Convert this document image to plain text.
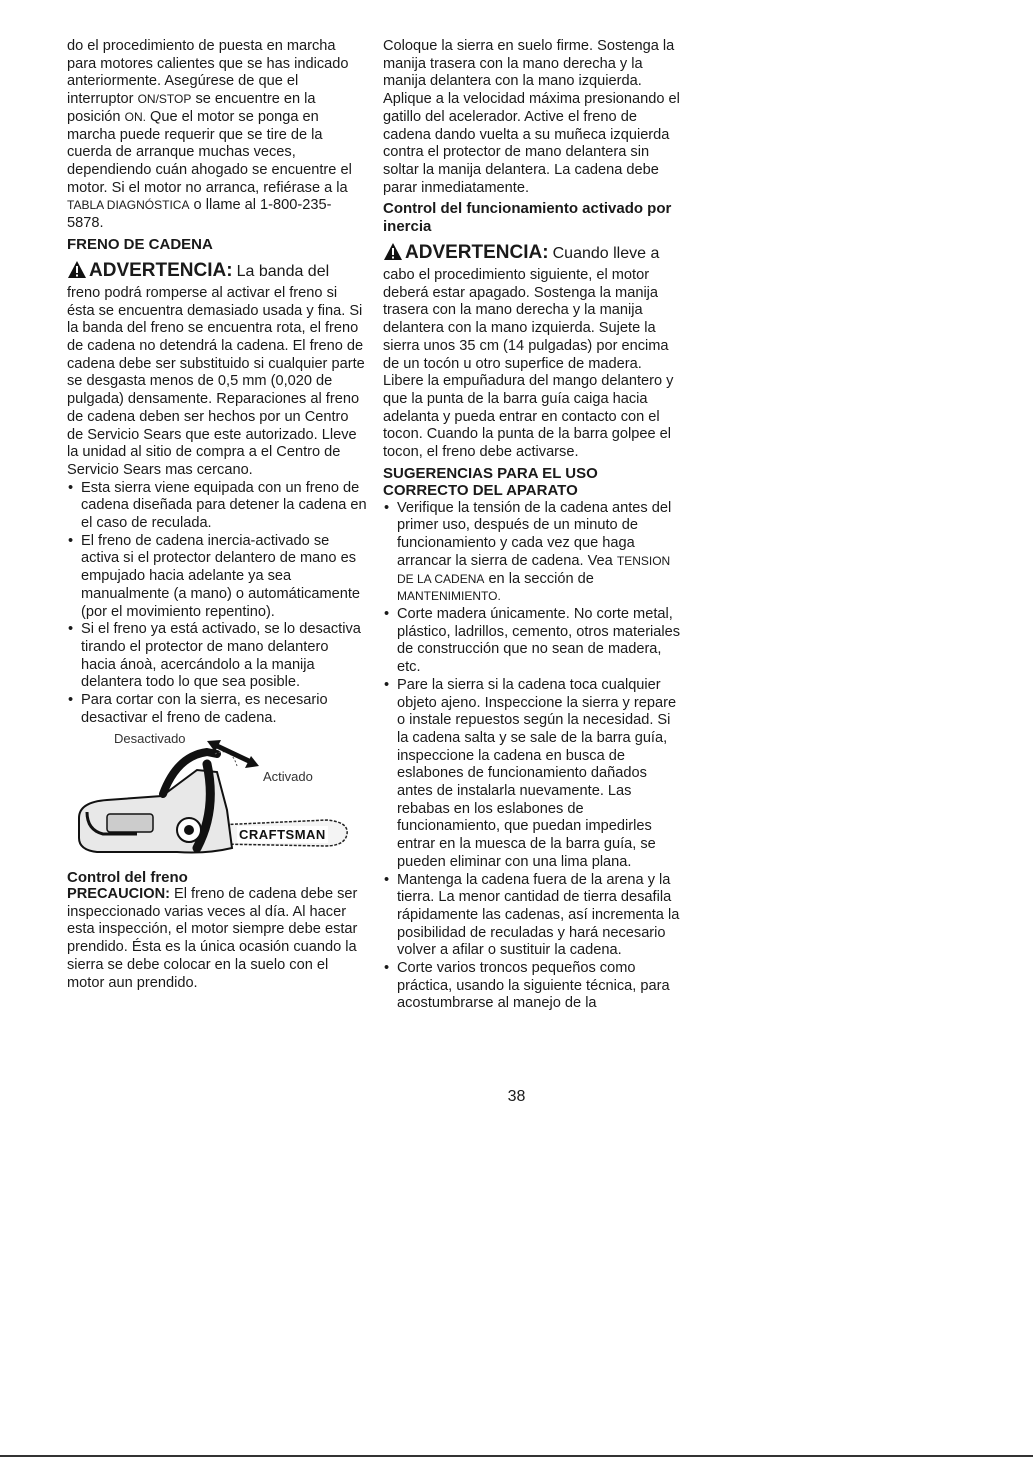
do el procedimiento de puesta en marcha para motores calientes que se has indicado anteriormente. Asegúrese de que el interruptor ON/STOP se encuentre en la posición ON. Que el motor se ponga en marcha puede requerir que se tire de la cuerda de arranque muchas veces, dependiendo cuán ahogado se encuentre el motor. Si el motor no arranca, refiérase a la TABLA DIAGNÓSTICA o llame al 1-800-235-5878.

FRENO DE CADENA

ADVERTENCIA: La banda del

freno podrá romperse al activar el freno si ésta se encuentra demasiado usada y fina. Si la banda del freno se encuentra rota, el freno de cadena no detendrá la cadena. El freno de cadena debe ser substituido si cualquier parte se desgasta menos de 0,5 mm (0,020 de pulgada) densamente. Reparaciones al freno de cadena deben ser hechos por un Centro de Servicio Sears que este autorizado. Lleve la unidad al sitio de compra a el Centro de Servicio Sears mas cercano.

• Esta sierra viene equipada con un freno de cadena diseñada para detener la cadena en el caso de reculada.
• El freno de cadena inercia-activado se activa si el protector delantero de mano es empujado hacia adelante ya sea manualmente (a mano) o automáticamente (por el movimiento repentino).
• Si el freno ya está activado, se lo desactiva tirando el protector de mano delantero hacia ánoà, acercándolo a la manija delantera todo lo que sea posible.
• Para cortar con la sierra, es necesario desactivar el freno de cadena.
Desactivado
Activado
CRAFTSMAN

Control del freno

PRECAUCION: El freno de cadena debe ser inspeccionado varias veces al día. Al hacer esta inspección, el motor siempre debe estar prendido. Ésta es la única ocasión cuando la sierra se debe colocar en la suelo con el motor aun prendido.

Coloque la sierra en suelo firme. Sostenga la manija trasera con la mano derecha y la manija delantera con la mano izquierda. Aplique a la velocidad máxima presionando el gatillo del acelerador. Active el freno de cadena dando vuelta a su muñeca izquierda contra el protector de mano delantera sin soltar la manija delantera. La cadena debe parar inmediatamente.

Control del funcionamiento activado por inercia

ADVERTENCIA: Cuando lleve a

cabo el procedimiento siguiente, el motor deberá estar apagado. Sostenga la manija trasera con la mano derecha y la manija delantera con la mano izquierda. Sujete la sierra unos 35 cm (14 pulgadas) por encima de un tocón u otro superfice de madera. Libere la empuñadura del mango delantero y que la punta de la barra guía caiga hacia adelanta y pueda entrar en contacto con el tocon. Cuando la punta de la barra golpee el tocon, el freno debe activarse.

SUGERENCIAS PARA EL USO CORRECTO DEL APARATO

• Verifique la tensión de la cadena antes del primer uso, después de un minuto de funcionamiento y cada vez que haga arrancar la sierra de cadena. Vea TENSION DE LA CADENA en la sección de MANTENIMIENTO.
• Corte madera únicamente. No corte metal, plástico, ladrillos, cemento, otros materiales de construcción que no sean de madera, etc.
• Pare la sierra si la cadena toca cualquier objeto ajeno. Inspeccione la sierra y repare o instale repuestos según la necesidad. Si la cadena salta y se sale de la barra guía, inspeccione la cadena en busca de eslabones de funcionamiento dañados antes de instalarla nuevamente. Las rebabas en los eslabones de funcionamiento, que puedan impedirles entrar en la muesca de la barra guía, se pueden eliminar con una lima plana.
• Mantenga la cadena fuera de la arena y la tierra. La menor cantidad de tierra desafila rápidamente las cadenas, así incrementa la posibilidad de reculadas y hará necesario volver a afilar o sustituir la cadena.
• Corte varios troncos pequeños como práctica, usando la siguiente técnica, para acostumbrarse al manejo de la
38
